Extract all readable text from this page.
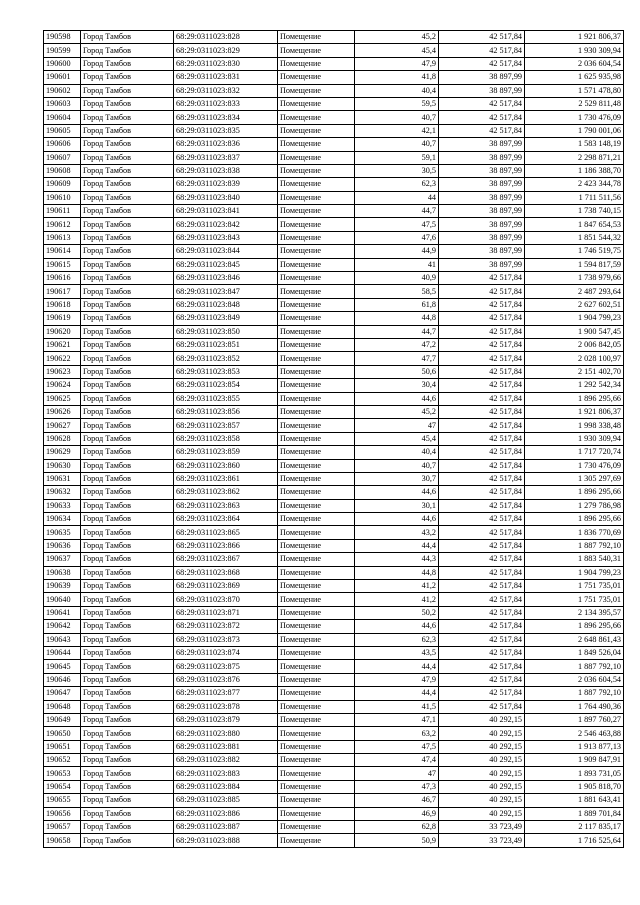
190598	Город Тамбов	68:29:0311023:828	Помещение	45,2	42 517,84	1 921 806,37
190599	Город Тамбов	68:29:0311023:829	Помещение	45,4	42 517,84	1 930 309,94
190600	Город Тамбов	68:29:0311023:830	Помещение	47,9	42 517,84	2 036 604,54
190601	Город Тамбов	68:29:0311023:831	Помещение	41,8	38 897,99	1 625 935,98
190602	Город Тамбов	68:29:0311023:832	Помещение	40,4	38 897,99	1 571 478,80
190603	Город Тамбов	68:29:0311023:833	Помещение	59,5	42 517,84	2 529 811,48
190604	Город Тамбов	68:29:0311023:834	Помещение	40,7	42 517,84	1 730 476,09
190605	Город Тамбов	68:29:0311023:835	Помещение	42,1	42 517,84	1 790 001,06
190606	Город Тамбов	68:29:0311023:836	Помещение	40,7	38 897,99	1 583 148,19
190607	Город Тамбов	68:29:0311023:837	Помещение	59,1	38 897,99	2 298 871,21
190608	Город Тамбов	68:29:0311023:838	Помещение	30,5	38 897,99	1 186 388,70
190609	Город Тамбов	68:29:0311023:839	Помещение	62,3	38 897,99	2 423 344,78
190610	Город Тамбов	68:29:0311023:840	Помещение	44	38 897,99	1 711 511,56
190611	Город Тамбов	68:29:0311023:841	Помещение	44,7	38 897,99	1 738 740,15
190612	Город Тамбов	68:29:0311023:842	Помещение	47,5	38 897,99	1 847 654,53
190613	Город Тамбов	68:29:0311023:843	Помещение	47,6	38 897,99	1 851 544,32
190614	Город Тамбов	68:29:0311023:844	Помещение	44,9	38 897,99	1 746 519,75
190615	Город Тамбов	68:29:0311023:845	Помещение	41	38 897,99	1 594 817,59
190616	Город Тамбов	68:29:0311023:846	Помещение	40,9	42 517,84	1 738 979,66
190617	Город Тамбов	68:29:0311023:847	Помещение	58,5	42 517,84	2 487 293,64
190618	Город Тамбов	68:29:0311023:848	Помещение	61,8	42 517,84	2 627 602,51
190619	Город Тамбов	68:29:0311023:849	Помещение	44,8	42 517,84	1 904 799,23
190620	Город Тамбов	68:29:0311023:850	Помещение	44,7	42 517,84	1 900 547,45
190621	Город Тамбов	68:29:0311023:851	Помещение	47,2	42 517,84	2 006 842,05
190622	Город Тамбов	68:29:0311023:852	Помещение	47,7	42 517,84	2 028 100,97
190623	Город Тамбов	68:29:0311023:853	Помещение	50,6	42 517,84	2 151 402,70
190624	Город Тамбов	68:29:0311023:854	Помещение	30,4	42 517,84	1 292 542,34
190625	Город Тамбов	68:29:0311023:855	Помещение	44,6	42 517,84	1 896 295,66
190626	Город Тамбов	68:29:0311023:856	Помещение	45,2	42 517,84	1 921 806,37
190627	Город Тамбов	68:29:0311023:857	Помещение	47	42 517,84	1 998 338,48
190628	Город Тамбов	68:29:0311023:858	Помещение	45,4	42 517,84	1 930 309,94
190629	Город Тамбов	68:29:0311023:859	Помещение	40,4	42 517,84	1 717 720,74
190630	Город Тамбов	68:29:0311023:860	Помещение	40,7	42 517,84	1 730 476,09
190631	Город Тамбов	68:29:0311023:861	Помещение	30,7	42 517,84	1 305 297,69
190632	Город Тамбов	68:29:0311023:862	Помещение	44,6	42 517,84	1 896 295,66
190633	Город Тамбов	68:29:0311023:863	Помещение	30,1	42 517,84	1 279 786,98
190634	Город Тамбов	68:29:0311023:864	Помещение	44,6	42 517,84	1 896 295,66
190635	Город Тамбов	68:29:0311023:865	Помещение	43,2	42 517,84	1 836 770,69
190636	Город Тамбов	68:29:0311023:866	Помещение	44,4	42 517,84	1 887 792,10
190637	Город Тамбов	68:29:0311023:867	Помещение	44,3	42 517,84	1 883 540,31
190638	Город Тамбов	68:29:0311023:868	Помещение	44,8	42 517,84	1 904 799,23
190639	Город Тамбов	68:29:0311023:869	Помещение	41,2	42 517,84	1 751 735,01
190640	Город Тамбов	68:29:0311023:870	Помещение	41,2	42 517,84	1 751 735,01
190641	Город Тамбов	68:29:0311023:871	Помещение	50,2	42 517,84	2 134 395,57
190642	Город Тамбов	68:29:0311023:872	Помещение	44,6	42 517,84	1 896 295,66
190643	Город Тамбов	68:29:0311023:873	Помещение	62,3	42 517,84	2 648 861,43
190644	Город Тамбов	68:29:0311023:874	Помещение	43,5	42 517,84	1 849 526,04
190645	Город Тамбов	68:29:0311023:875	Помещение	44,4	42 517,84	1 887 792,10
190646	Город Тамбов	68:29:0311023:876	Помещение	47,9	42 517,84	2 036 604,54
190647	Город Тамбов	68:29:0311023:877	Помещение	44,4	42 517,84	1 887 792,10
190648	Город Тамбов	68:29:0311023:878	Помещение	41,5	42 517,84	1 764 490,36
190649	Город Тамбов	68:29:0311023:879	Помещение	47,1	40 292,15	1 897 760,27
190650	Город Тамбов	68:29:0311023:880	Помещение	63,2	40 292,15	2 546 463,88
190651	Город Тамбов	68:29:0311023:881	Помещение	47,5	40 292,15	1 913 877,13
190652	Город Тамбов	68:29:0311023:882	Помещение	47,4	40 292,15	1 909 847,91
190653	Город Тамбов	68:29:0311023:883	Помещение	47	40 292,15	1 893 731,05
190654	Город Тамбов	68:29:0311023:884	Помещение	47,3	40 292,15	1 905 818,70
190655	Город Тамбов	68:29:0311023:885	Помещение	46,7	40 292,15	1 881 643,41
190656	Город Тамбов	68:29:0311023:886	Помещение	46,9	40 292,15	1 889 701,84
190657	Город Тамбов	68:29:0311023:887	Помещение	62,8	33 723,49	2 117 835,17
190658	Город Тамбов	68:29:0311023:888	Помещение	50,9	33 723,49	1 716 525,64
